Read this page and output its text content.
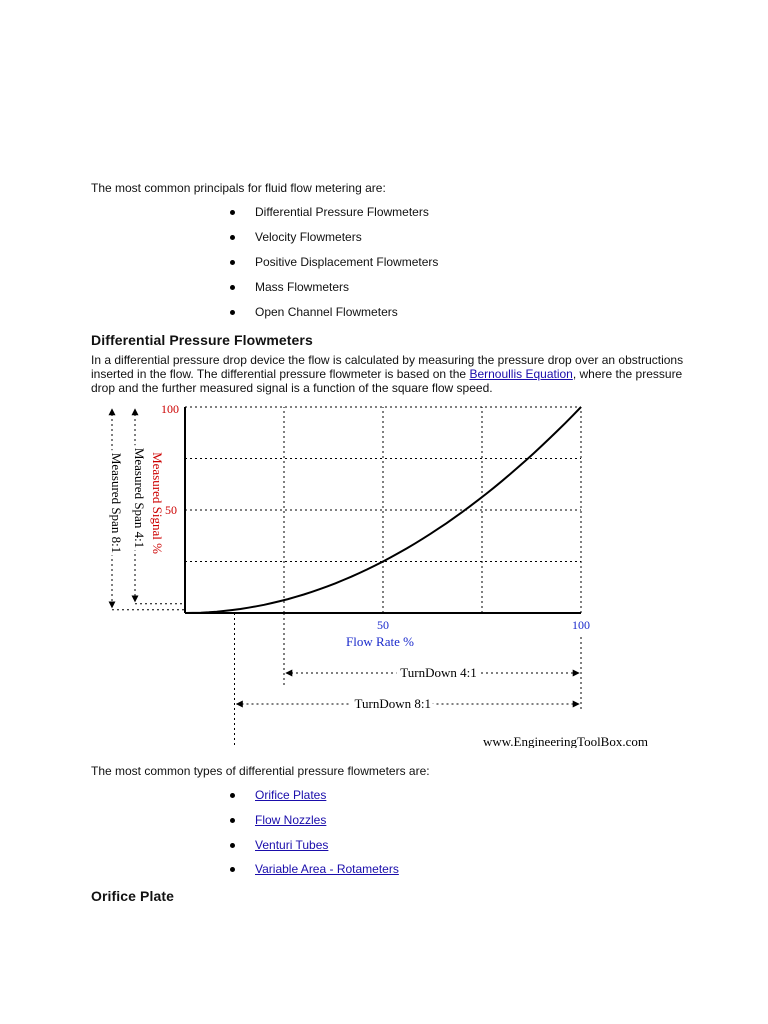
The most common principals for fluid flow metering are:

Differential Pressure Flowmeters
Velocity Flowmeters
Positive Displacement Flowmeters
Mass Flowmeters
Open Channel Flowmeters
Differential Pressure Flowmeters

In a differential pressure drop device the flow is calculated by measuring the pressure drop over an obstructions inserted in the flow. The differential pressure flowmeter is based on the Bernoullis Equation, where the pressure drop and the further measured signal is a function of the square flow speed.

100
50
50	100
Flow Rate %
Measured Signal %
Measured Span 4:1
Measured Span 8:1
TurnDown 4:1
TurnDown 8:1
www.EngineeringToolBox.com

The most common types of differential pressure flowmeters are:

Orifice Plates
Flow Nozzles
Venturi Tubes
Variable Area - Rotameters
Orifice Plate
